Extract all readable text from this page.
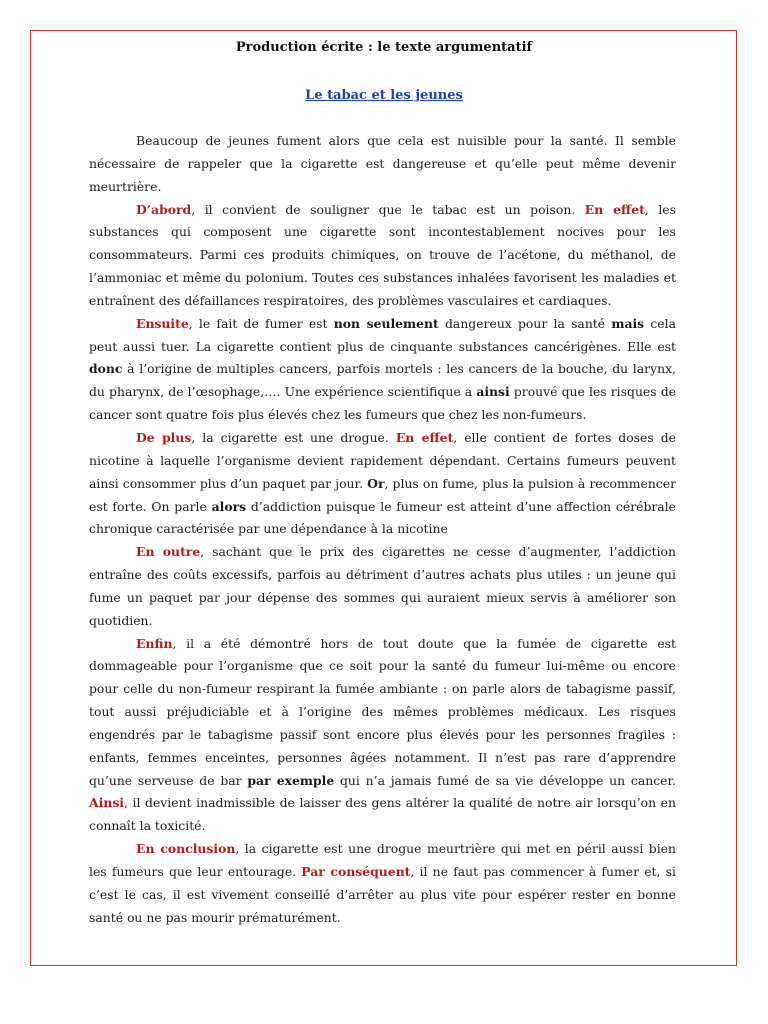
Production écrite : le texte argumentatif
Le tabac et les jeunes

Beaucoup de jeunes fument alors que cela est nuisible pour la santé. Il semble nécessaire de rappeler que la cigarette est dangereuse et qu’elle peut même devenir meurtrière.

D’abord, il convient de souligner que le tabac est un poison. En effet, les substances qui composent une cigarette sont incontestablement nocives pour les consommateurs. Parmi ces produits chimiques, on trouve de l’acétone, du méthanol, de l’ammoniac et même du polonium. Toutes ces substances inhalées favorisent les maladies et entraînent des défaillances respiratoires, des problèmes vasculaires et cardiaques.

Ensuite, le fait de fumer est non seulement dangereux pour la santé mais cela peut aussi tuer. La cigarette contient plus de cinquante substances cancérigènes. Elle est donc à l’origine de multiples cancers, parfois mortels : les cancers de la bouche, du larynx, du pharynx, de l’œsophage,…. Une expérience scientifique a ainsi prouvé que les risques de cancer sont quatre fois plus élevés chez les fumeurs que chez les non-fumeurs.

De plus, la cigarette est une drogue. En effet, elle contient de fortes doses de nicotine à laquelle l’organisme devient rapidement dépendant. Certains fumeurs peuvent ainsi consommer plus d’un paquet par jour. Or, plus on fume, plus la pulsion à recommencer est forte. On parle alors d’addiction puisque le fumeur est atteint d’une affection cérébrale chronique caractérisée par une dépendance à la nicotine

En outre, sachant que le prix des cigarettes ne cesse d’augmenter, l’addiction entraîne des coûts excessifs, parfois au détriment d’autres achats plus utiles : un jeune qui fume un paquet par jour dépense des sommes qui auraient mieux servis à améliorer son quotidien.

Enfin, il a été démontré hors de tout doute que la fumée de cigarette est dommageable pour l’organisme que ce soit pour la santé du fumeur lui-même ou encore pour celle du non-fumeur respirant la fumée ambiante : on parle alors de tabagisme passif, tout aussi préjudiciable et à l’origine des mêmes problèmes médicaux. Les risques engendrés par le tabagisme passif sont encore plus élevés pour les personnes fragiles : enfants, femmes enceintes, personnes âgées notamment. Il n’est pas rare d’apprendre qu’une serveuse de bar par exemple qui n’a jamais fumé de sa vie développe un cancer. Ainsi, il devient inadmissible de laisser des gens altérer la qualité de notre air lorsqu’on en connaît la toxicité.

En conclusion, la cigarette est une drogue meurtrière qui met en péril aussi bien les fumeurs que leur entourage. Par conséquent, il ne faut pas commencer à fumer et, si c’est le cas, il est vivement conseillé d’arrêter au plus vite pour espérer rester en bonne santé ou ne pas mourir prématurément.
